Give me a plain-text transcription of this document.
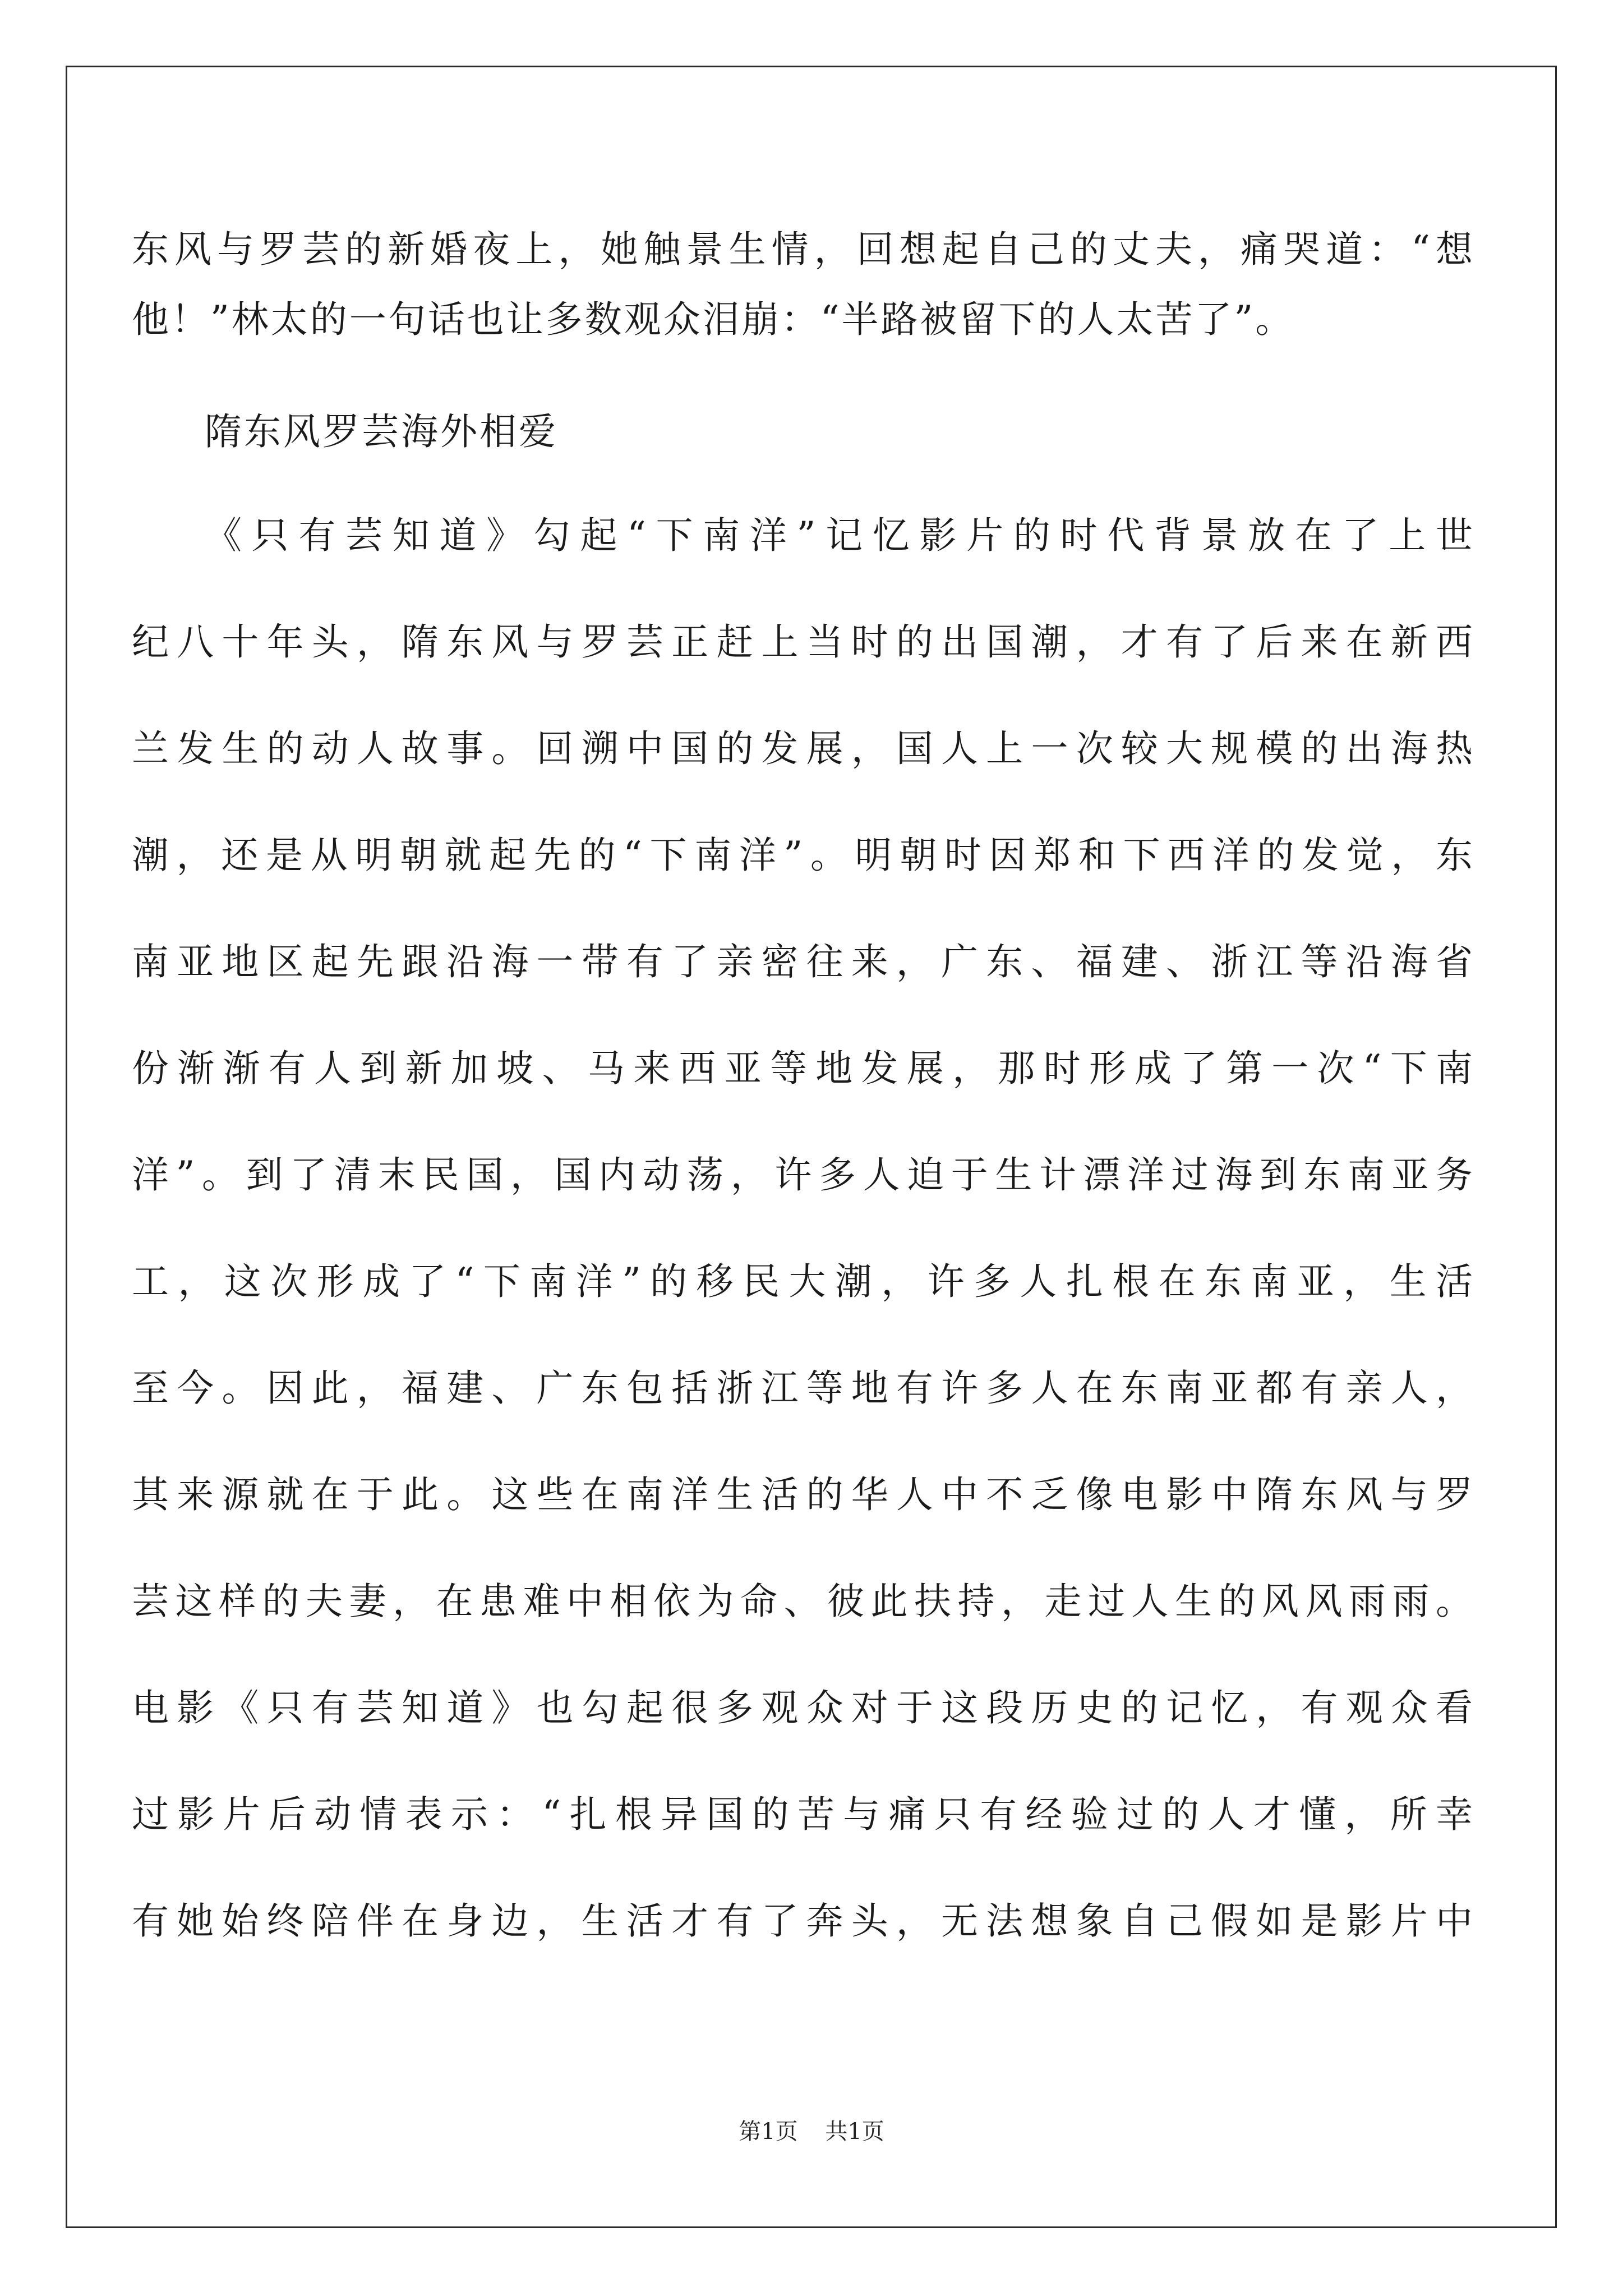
东风与罗芸的新婚夜上，她触景生情，回想起自己的丈夫，痛哭道：“想
他！”林太的一句话也让多数观众泪崩：“半路被留下的人太苦了”。
隋东风罗芸海外相爱
《只有芸知道》勾起“下南洋”记忆影片的时代背景放在了上世
纪八十年头，隋东风与罗芸正赶上当时的出国潮，才有了后来在新西
兰发生的动人故事。回溯中国的发展，国人上一次较大规模的出海热
潮，还是从明朝就起先的“下南洋”。明朝时因郑和下西洋的发觉，东
南亚地区起先跟沿海一带有了亲密往来，广东、福建、浙江等沿海省
份渐渐有人到新加坡、马来西亚等地发展，那时形成了第一次“下南
洋”。到了清末民国，国内动荡，许多人迫于生计漂洋过海到东南亚务
工，这次形成了“下南洋”的移民大潮，许多人扎根在东南亚，生活
至今。因此，福建、广东包括浙江等地有许多人在东南亚都有亲人，
其来源就在于此。这些在南洋生活的华人中不乏像电影中隋东风与罗
芸这样的夫妻，在患难中相依为命、彼此扶持，走过人生的风风雨雨。
电影《只有芸知道》也勾起很多观众对于这段历史的记忆，有观众看
过影片后动情表示：“扎根异国的苦与痛只有经验过的人才懂，所幸
有她始终陪伴在身边，生活才有了奔头，无法想象自己假如是影片中
第1页 共1页
